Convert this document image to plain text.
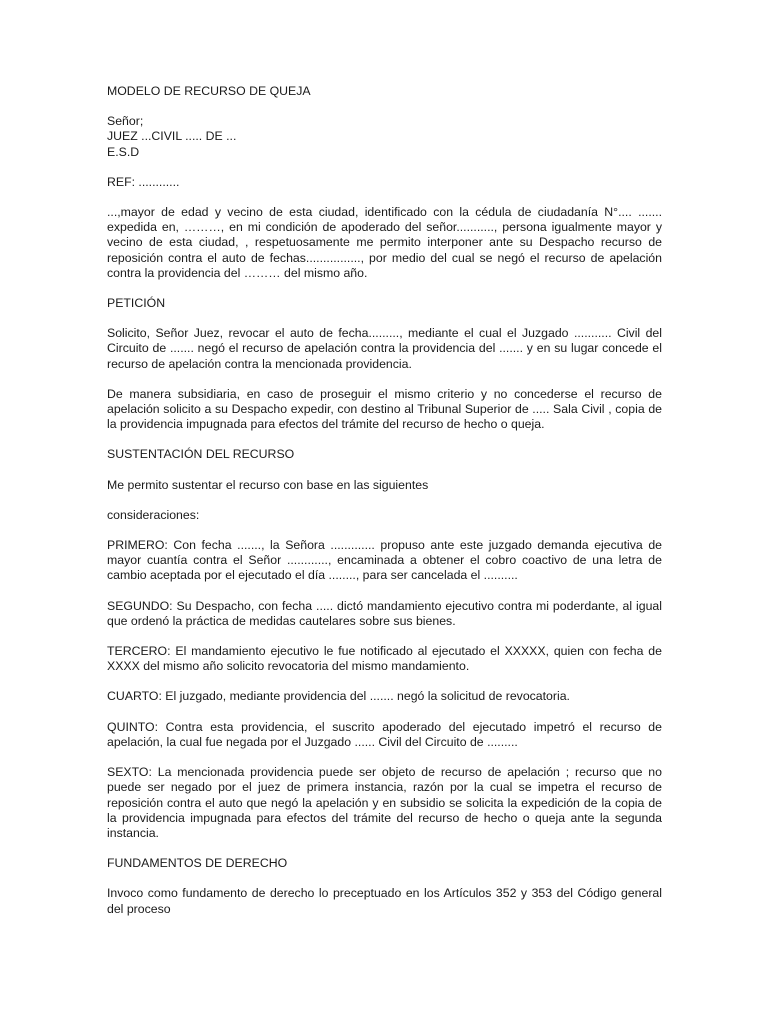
MODELO DE RECURSO DE QUEJA

Señor;
JUEZ ...CIVIL ..... DE ...
E.S.D

REF: ............

...,mayor de edad y vecino de esta ciudad, identificado con la cédula de ciudadanía N°.... ....... expedida en, ………, en mi condición de apoderado del señor..........., persona igualmente mayor y vecino de esta ciudad, , respetuosamente me permito interponer ante su Despacho recurso de reposición contra el auto de fechas................, por medio del cual se negó el recurso de apelación contra la providencia del ……… del mismo año.

PETICIÓN

Solicito, Señor Juez, revocar el auto de fecha........., mediante el cual el Juzgado ........... Civil del Circuito de ....... negó el recurso de apelación contra la providencia del ....... y en su lugar concede el recurso de apelación contra la mencionada providencia.

De manera subsidiaria, en caso de proseguir el mismo criterio y no concederse el recurso de apelación solicito a su Despacho expedir, con destino al Tribunal Superior de ..... Sala Civil , copia de la providencia impugnada para efectos del trámite del recurso de hecho o queja.

SUSTENTACIÓN DEL RECURSO

Me permito sustentar el recurso con base en las siguientes

consideraciones:

PRIMERO: Con fecha ......., la Señora ............. propuso ante este juzgado demanda ejecutiva de mayor cuantía contra el Señor ............, encaminada a obtener el cobro coactivo de una letra de cambio aceptada por el ejecutado el día ........, para ser cancelada el ..........

SEGUNDO: Su Despacho, con fecha ..... dictó mandamiento ejecutivo contra mi poderdante, al igual que ordenó la práctica de medidas cautelares sobre sus bienes.

TERCERO: El mandamiento ejecutivo le fue notificado al ejecutado el XXXXX, quien con fecha de XXXX del mismo año solicito revocatoria del mismo mandamiento.

CUARTO: El juzgado, mediante providencia del ....... negó la solicitud de revocatoria.

QUINTO: Contra esta providencia, el suscrito apoderado del ejecutado impetró el recurso de apelación, la cual fue negada por el Juzgado ...... Civil del Circuito de .........

SEXTO: La mencionada providencia puede ser objeto de recurso de apelación ; recurso que no puede ser negado por el juez de primera instancia, razón por la cual se impetra el recurso de reposición contra el auto que negó la apelación y en subsidio se solicita la expedición de la copia de la providencia impugnada para efectos del trámite del recurso de hecho o queja ante la segunda instancia.

FUNDAMENTOS DE DERECHO

Invoco como fundamento de derecho lo preceptuado en los Artículos 352 y 353 del Código general del proceso
